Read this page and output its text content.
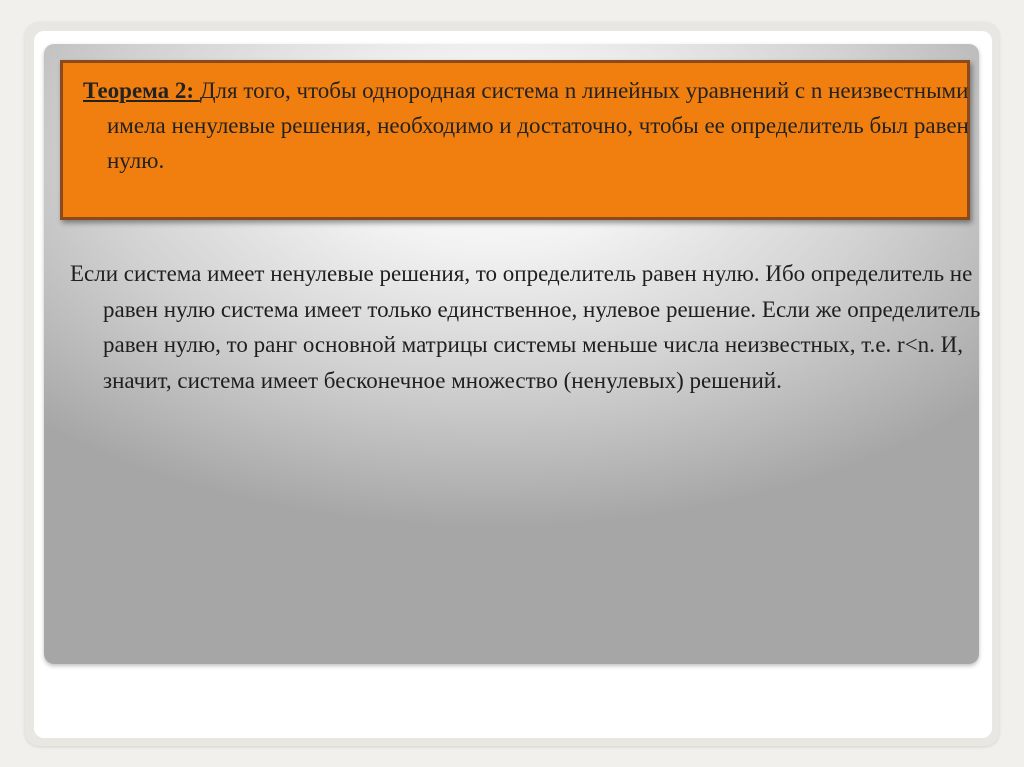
Теорема 2: Для того, чтобы однородная система n линейных уравнений с n неизвестными имела ненулевые решения, необходимо и достаточно, чтобы ее определитель был равен нулю.

Если система имеет ненулевые решения, то определитель равен нулю. Ибо определитель не равен нулю система имеет только единственное, нулевое решение. Если же определитель равен нулю, то ранг основной матрицы системы меньше числа неизвестных, т.е. r<n. И, значит, система имеет бесконечное множество (ненулевых) решений.
